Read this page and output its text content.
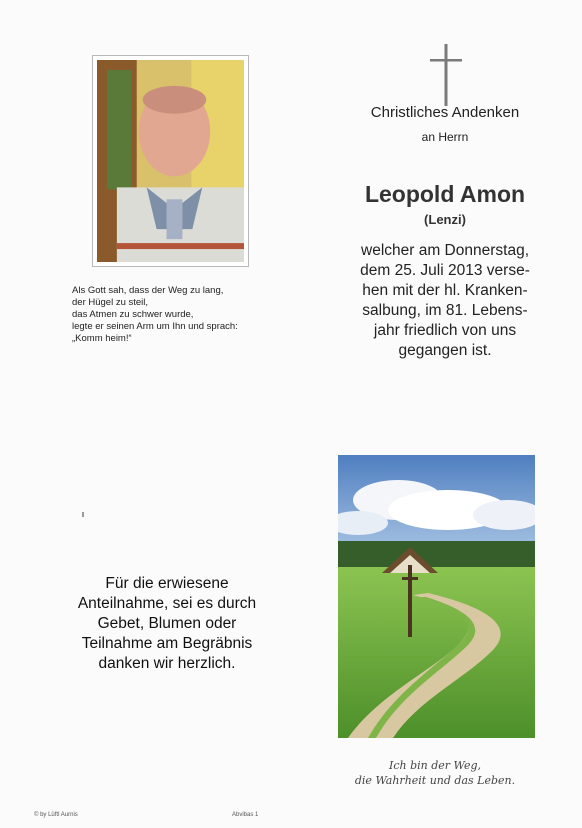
Als Gott sah, dass der Weg zu lang,
der Hügel zu steil,
das Atmen zu schwer wurde,
legte er seinen Arm um Ihn und sprach:
„Komm heim!“
Christliches Andenken
an Herrn
Leopold Amon
(Lenzi)
welcher am Donnerstag,
dem 25. Juli 2013 verse-
hen mit der hl. Kranken-
salbung, im 81. Lebens-
jahr friedlich von uns
gegangen ist.
Für die erwiesene
Anteilnahme, sei es durch
Gebet, Blumen oder
Teilnahme am Begräbnis
danken wir herzlich.
Ich bin der Weg,
die Wahrheit und das Leben.
© by Lüftl Aurnis	Abvibas 1
